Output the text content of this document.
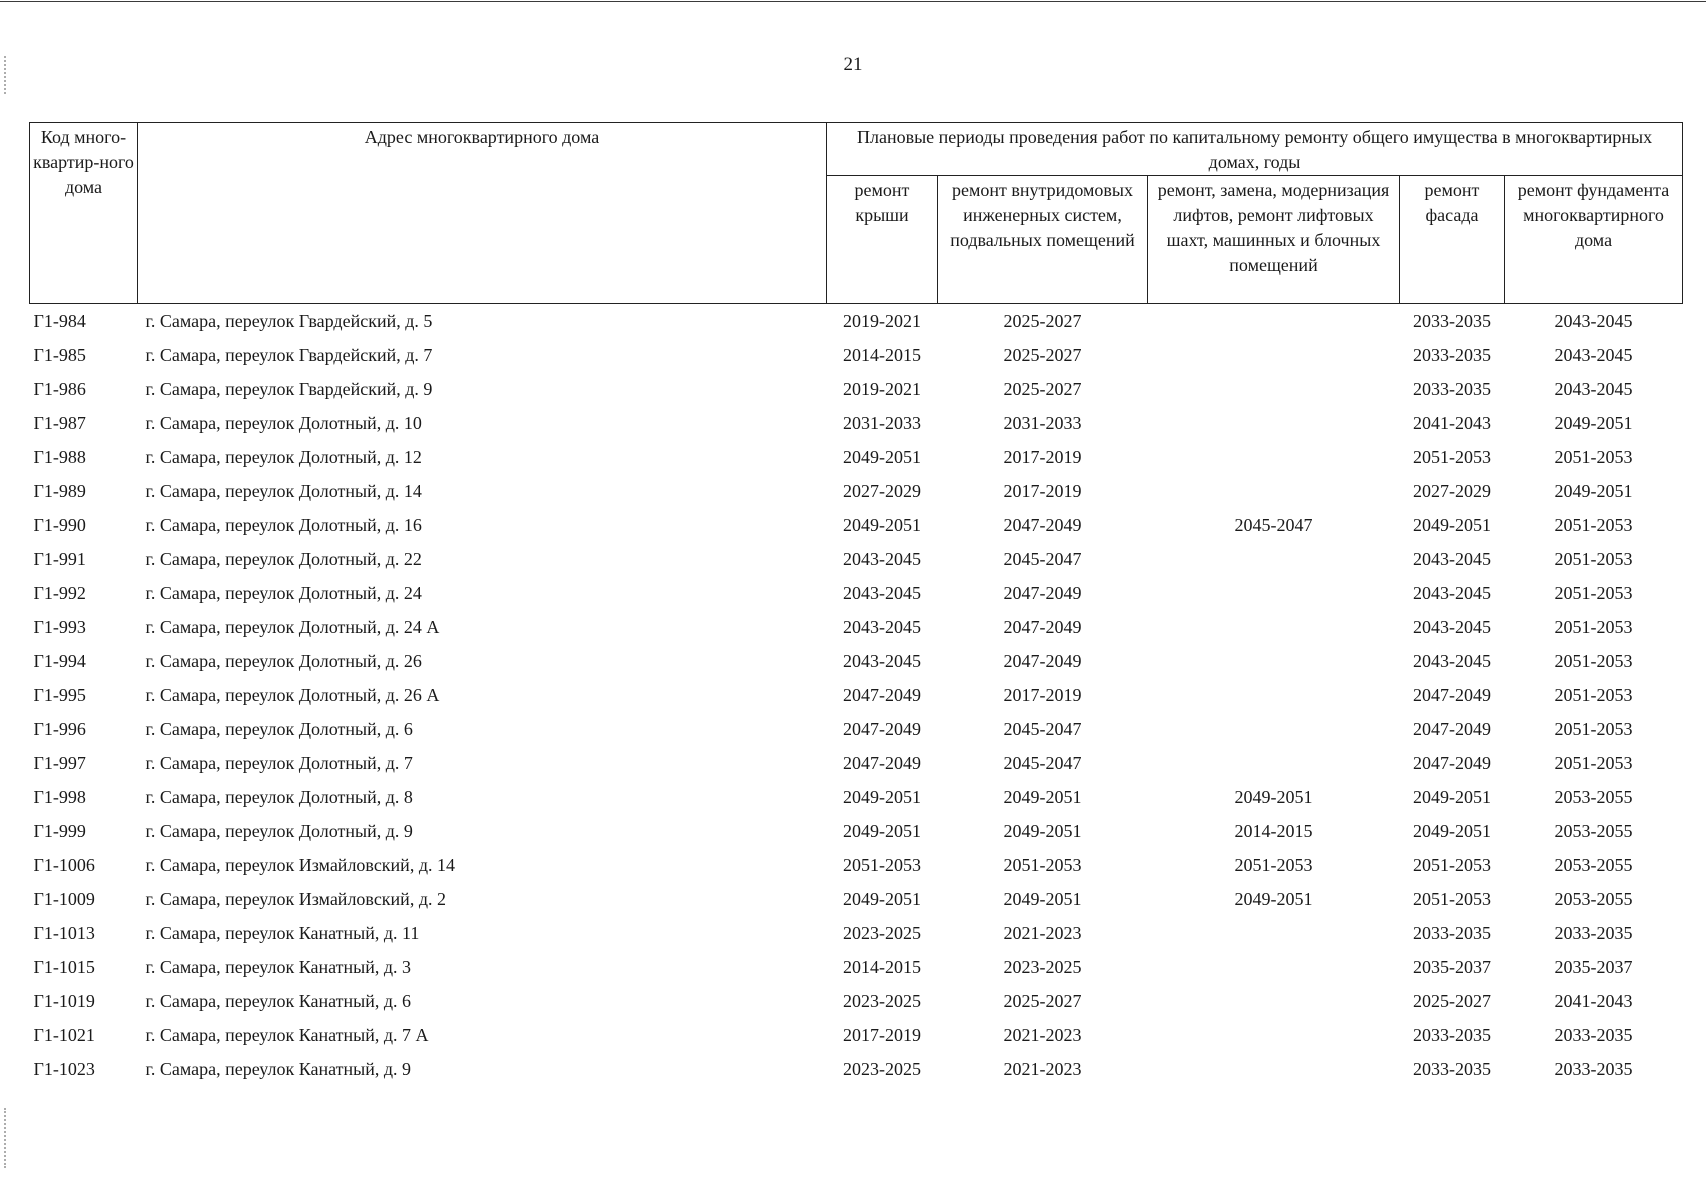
21
Код много-квартир-ного дома	Адрес многоквартирного дома	Плановые периоды проведения работ по капитальному ремонту общего имущества в многоквартирных домах, годы				
		ремонт крыши	ремонт внутридомовых инженерных систем, подвальных помещений	ремонт, замена, модернизация лифтов, ремонт лифтовых шахт, машинных и блочных помещений	ремонт фасада	ремонт фундамента многоквартирного дома
Г1-984	г. Самара, переулок Гвардейский, д. 5	2019-2021	2025-2027		2033-2035	2043-2045
Г1-985	г. Самара, переулок Гвардейский, д. 7	2014-2015	2025-2027		2033-2035	2043-2045
Г1-986	г. Самара, переулок Гвардейский, д. 9	2019-2021	2025-2027		2033-2035	2043-2045
Г1-987	г. Самара, переулок Долотный, д. 10	2031-2033	2031-2033		2041-2043	2049-2051
Г1-988	г. Самара, переулок Долотный, д. 12	2049-2051	2017-2019		2051-2053	2051-2053
Г1-989	г. Самара, переулок Долотный, д. 14	2027-2029	2017-2019		2027-2029	2049-2051
Г1-990	г. Самара, переулок Долотный, д. 16	2049-2051	2047-2049	2045-2047	2049-2051	2051-2053
Г1-991	г. Самара, переулок Долотный, д. 22	2043-2045	2045-2047		2043-2045	2051-2053
Г1-992	г. Самара, переулок Долотный, д. 24	2043-2045	2047-2049		2043-2045	2051-2053
Г1-993	г. Самара, переулок Долотный, д. 24 А	2043-2045	2047-2049		2043-2045	2051-2053
Г1-994	г. Самара, переулок Долотный, д. 26	2043-2045	2047-2049		2043-2045	2051-2053
Г1-995	г. Самара, переулок Долотный, д. 26 А	2047-2049	2017-2019		2047-2049	2051-2053
Г1-996	г. Самара, переулок Долотный, д. 6	2047-2049	2045-2047		2047-2049	2051-2053
Г1-997	г. Самара, переулок Долотный, д. 7	2047-2049	2045-2047		2047-2049	2051-2053
Г1-998	г. Самара, переулок Долотный, д. 8	2049-2051	2049-2051	2049-2051	2049-2051	2053-2055
Г1-999	г. Самара, переулок Долотный, д. 9	2049-2051	2049-2051	2014-2015	2049-2051	2053-2055
Г1-1006	г. Самара, переулок Измайловский, д. 14	2051-2053	2051-2053	2051-2053	2051-2053	2053-2055
Г1-1009	г. Самара, переулок Измайловский, д. 2	2049-2051	2049-2051	2049-2051	2051-2053	2053-2055
Г1-1013	г. Самара, переулок Канатный, д. 11	2023-2025	2021-2023		2033-2035	2033-2035
Г1-1015	г. Самара, переулок Канатный, д. 3	2014-2015	2023-2025		2035-2037	2035-2037
Г1-1019	г. Самара, переулок Канатный, д. 6	2023-2025	2025-2027		2025-2027	2041-2043
Г1-1021	г. Самара, переулок Канатный, д. 7 А	2017-2019	2021-2023		2033-2035	2033-2035
Г1-1023	г. Самара, переулок Канатный, д. 9	2023-2025	2021-2023		2033-2035	2033-2035
